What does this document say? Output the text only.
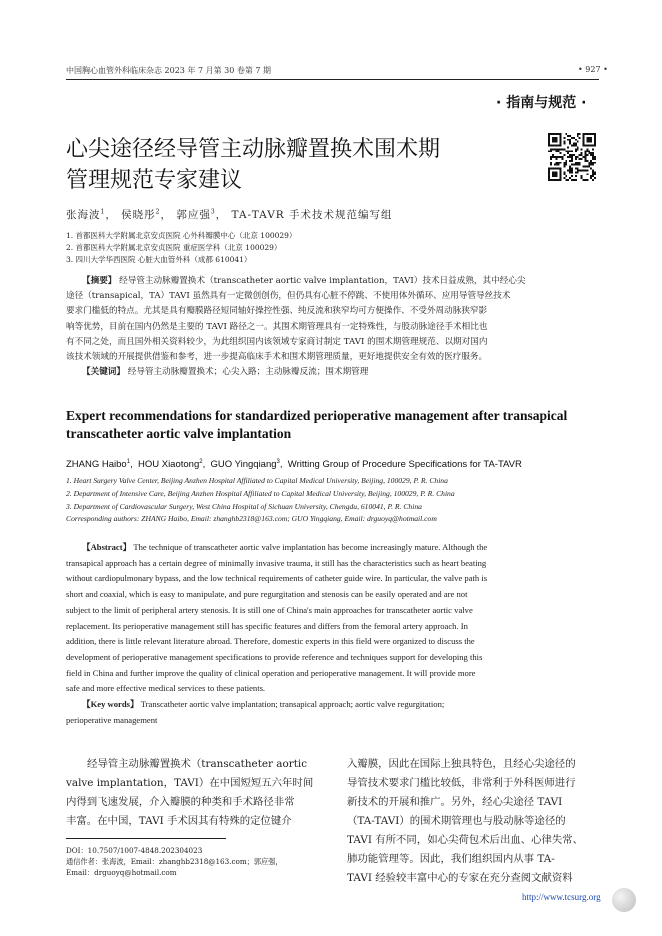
中国胸心血管外科临床杂志 2023 年 7 月第 30 卷第 7 期	• 927 •
· 指南与规范 ·
心尖途径经导管主动脉瓣置换术围术期
管理规范专家建议
张海波$^1$， 侯晓彤$^2$， 郭应强$^3$， TA-TAVR 手术技术规范编写组
1. 首都医科大学附属北京安贞医院 心外科瓣膜中心（北京 100029）
2. 首都医科大学附属北京安贞医院 重症医学科（北京 100029）
3. 四川大学华西医院 心脏大血管外科（成都 610041）
【摘要】 经导管主动脉瓣置换术（transcatheter aortic valve implantation，TAVI）技术日益成熟，其中经心尖
途径（transapical，TA）TAVI 虽然具有一定微创创伤，但仍具有心脏不停跳、不使用体外循环、应用导管导丝技术
要求门槛低的特点。尤其是具有瓣膜路径短同轴好操控性强、纯反流和狭窄均可方便操作、不受外周动脉狭窄影
响等优势，目前在国内仍然是主要的 TAVI 路径之一。其围术期管理具有一定特殊性，与股动脉途径手术相比也
有不同之处，而且国外相关资料较少，为此组织国内该领域专家商讨制定 TAVI 的围术期管理规范、以期对国内
该技术领域的开展提供借鉴和参考，进一步提高临床手术和围术期管理质量，更好地提供安全有效的医疗服务。
【关键词】 经导管主动脉瓣置换术；心尖入路；主动脉瓣反流；围术期管理
Expert recommendations for standardized perioperative management after transapical
transcatheter aortic valve implantation
ZHANG Haibo$^1$, HOU Xiaotong$^2$, GUO Yingqiang$^3$, Writting Group of Procedure Specifications for TA-TAVR
1. Heart Surgery Valve Center, Beijing Anzhen Hospital Affiliated to Capital Medical University, Beijing, 100029, P. R. China
2. Department of Intensive Care, Beijing Anzhen Hospital Affiliated to Capital Medical University, Beijing, 100029, P. R. China
3. Department of Cardiovascular Surgery, West China Hospital of Sichuan University, Chengdu, 610041, P. R. China
Corresponding authors: ZHANG Haibo, Email: zhanghb2318@163.com; GUO Yingqiang, Email: drguoyq@hotmail.com
【Abstract】 The technique of transcatheter aortic valve implantation has become increasingly mature. Although the
transapical approach has a certain degree of minimally invasive trauma, it still has the characteristics such as heart beating
without cardiopulmonary bypass, and the low technical requirements of catheter guide wire. In particular, the valve path is
short and coaxial, which is easy to manipulate, and pure regurgitation and stenosis can be easily operated and are not
subject to the limit of peripheral artery stenosis. It is still one of China's main approaches for transcatheter aortic valve
replacement. Its perioperative management still has specific features and differs from the femoral artery approach. In
addition, there is little relevant literature abroad. Therefore, domestic experts in this field were organized to discuss the
development of perioperative management specifications to provide reference and techniques support for developing this
field in China and further improve the quality of clinical operation and perioperative management. It will provide more
safe and more effective medical services to these patients.
【Key words】 Transcatheter aortic valve implantation; transapical approach; aortic valve regurgitation;
perioperative management
经导管主动脉瓣置换术（transcatheter aortic
valve implantation，TAVI）在中国短短五六年时间
内得到飞速发展，介入瓣膜的种类和手术路径非常
丰富。在中国，TAVI 手术因其有特殊的定位键介
DOI：10.7507/1007-4848.202304023
通信作者：张海波，Email：zhanghb2318@163.com；郭应强，
Email：drguoyq@hotmail.com
入瓣膜，因此在国际上独具特色，且经心尖途径的
导管技术要求门槛比较低，非常利于外科医师进行
新技术的开展和推广。另外，经心尖途径 TAVI
（TA-TAVI）的围术期管理也与股动脉等途径的
TAVI 有所不同，如心尖荷包术后出血、心律失常、
肺功能管理等。因此，我们组织国内从事 TA-
TAVI 经验较丰富中心的专家在充分查阅文献资料
http://www.tcsurg.org
